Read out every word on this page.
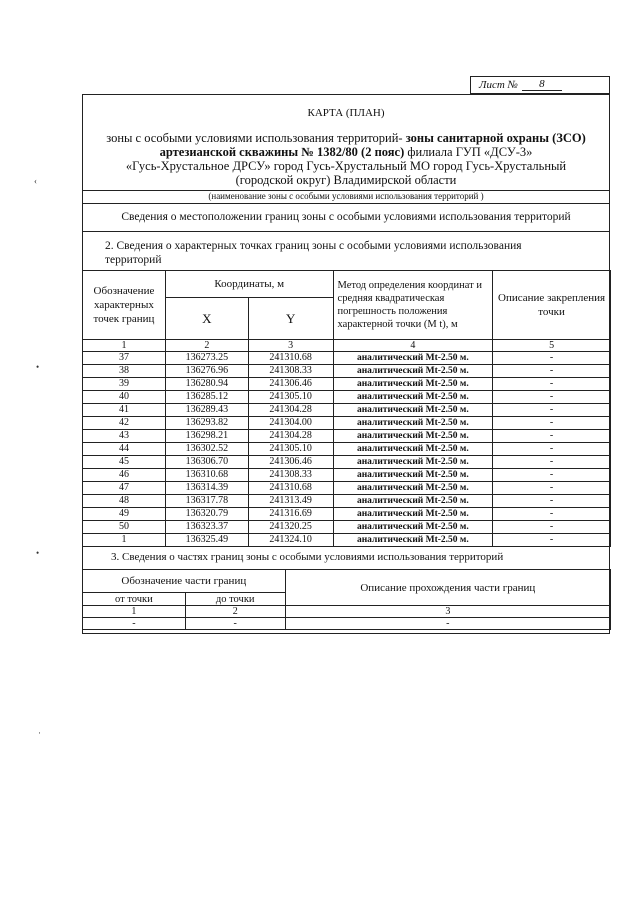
Лист №	8
‹
•
•
·
КАРТА (ПЛАН)
зоны с особыми условиями использования территорий- зоны санитарной охраны (ЗСО)
артезианской скважины № 1382/80 (2 пояс) филиала ГУП «ДСУ-3»
«Гусь-Хрустальное ДРСУ» город Гусь-Хрустальный МО город Гусь-Хрустальный
(городской округ) Владимирской области
(наименование зоны с особыми условиями использования территорий )
Сведения о местоположении границ зоны с особыми условиями использования территорий
2. Сведения о характерных точках границ зоны с особыми условиями использования
территорий
Обозначение характерных точек границ	Координаты, м		Метод определения координат и средняя квадратическая погрешность положения характерной точки (М t), м	Описание закрепления точки
	X	Y		
1	2	3	4	5
37	136273.25	241310.68	аналитический Mt-2.50 м.	-
38	136276.96	241308.33	аналитический Mt-2.50 м.	-
39	136280.94	241306.46	аналитический Mt-2.50 м.	-
40	136285.12	241305.10	аналитический Mt-2.50 м.	-
41	136289.43	241304.28	аналитический Mt-2.50 м.	-
42	136293.82	241304.00	аналитический Mt-2.50 м.	-
43	136298.21	241304.28	аналитический Mt-2.50 м.	-
44	136302.52	241305.10	аналитический Mt-2.50 м.	-
45	136306.70	241306.46	аналитический Mt-2.50 м.	-
46	136310.68	241308.33	аналитический Mt-2.50 м.	-
47	136314.39	241310.68	аналитический Mt-2.50 м.	-
48	136317.78	241313.49	аналитический Mt-2.50 м.	-
49	136320.79	241316.69	аналитический Mt-2.50 м.	-
50	136323.37	241320.25	аналитический Mt-2.50 м.	-
1	136325.49	241324.10	аналитический Mt-2.50 м.	-
3. Сведения о частях границ зоны с особыми условиями использования территорий
Обозначение части границ		Описание прохождения части границ
от точки	до точки	
1	2	3
-	-	-
